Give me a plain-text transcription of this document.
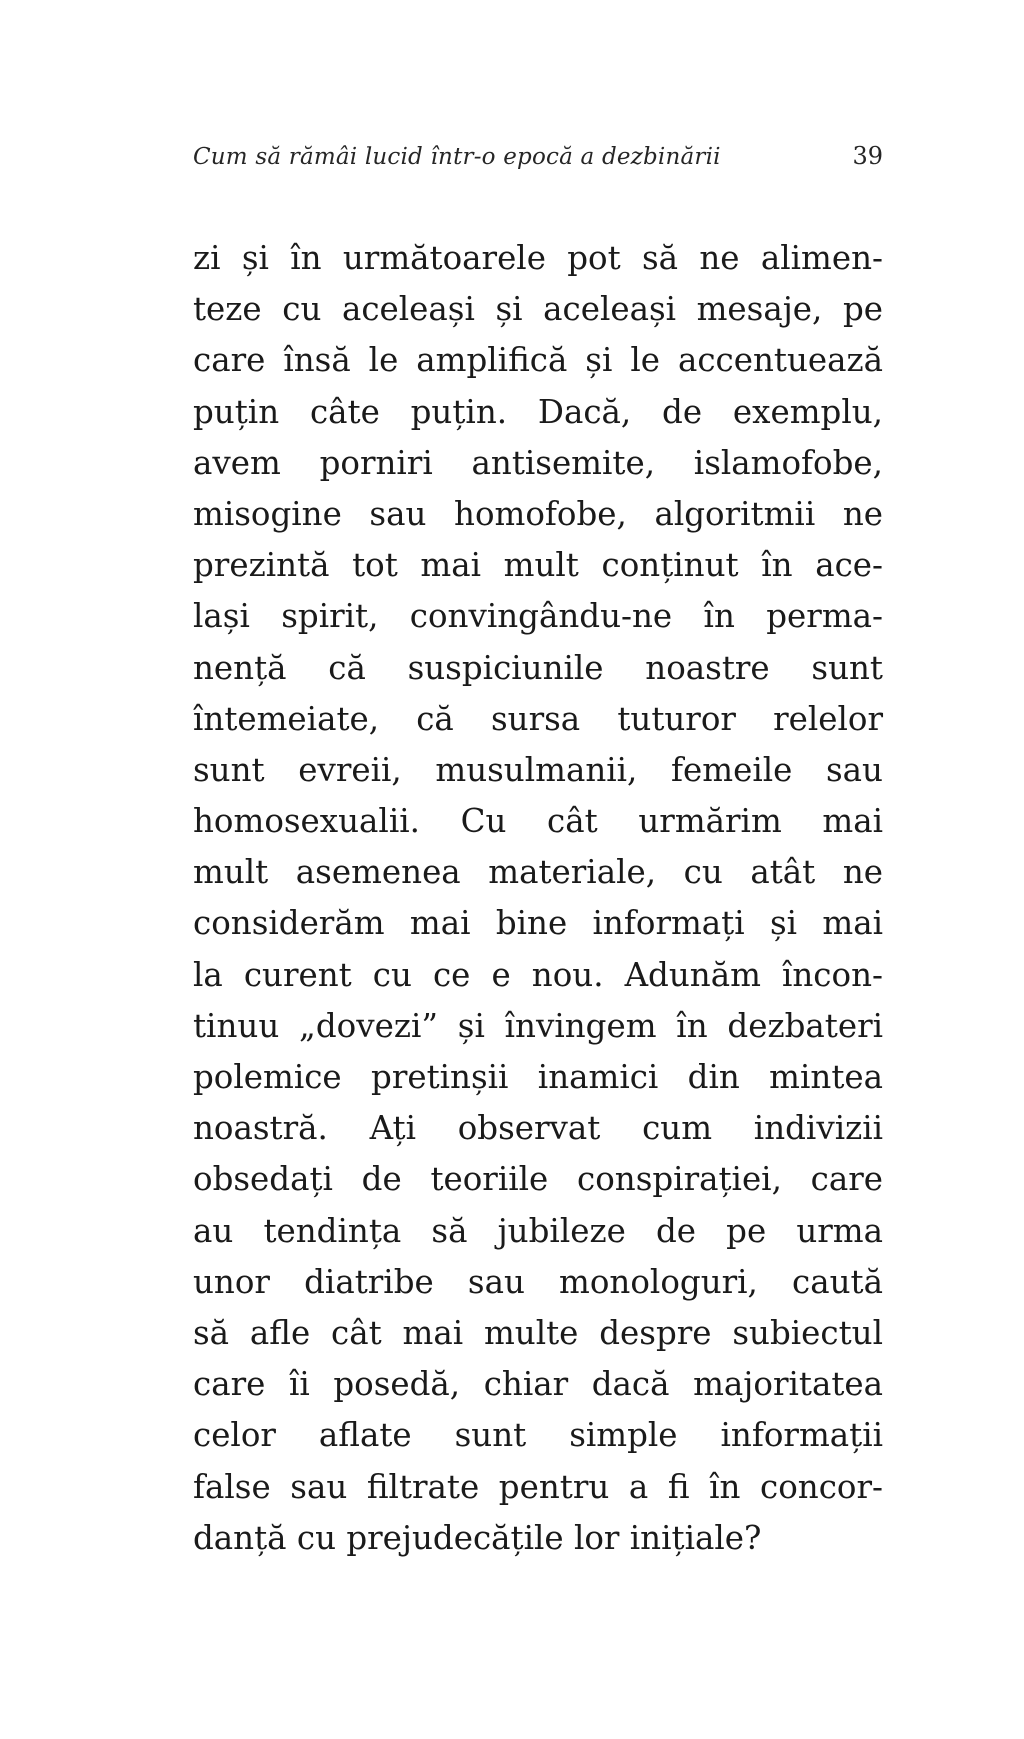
Cum să rămâi lucid într-o epocă a dezbinării	39
zi și în următoarele pot să ne alimen-
teze cu aceleași și aceleași mesaje, pe
care însă le amplifică și le accentuează
puțin câte puțin. Dacă, de exemplu,
avem porniri antisemite, islamofobe,
misogine sau homofobe, algoritmii ne
prezintă tot mai mult conținut în ace-
lași spirit, convingându-ne în perma-
nență că suspiciunile noastre sunt
întemeiate, că sursa tuturor relelor
sunt evreii, musulmanii, femeile sau
homosexualii. Cu cât urmărim mai
mult asemenea materiale, cu atât ne
considerăm mai bine informați și mai
la curent cu ce e nou. Adunăm încon-
tinuu „dovezi” și învingem în dezbateri
polemice pretinșii inamici din mintea
noastră. Ați observat cum indivizii
obsedați de teoriile conspirației, care
au tendința să jubileze de pe urma
unor diatribe sau monologuri, caută
să afle cât mai multe despre subiectul
care îi posedă, chiar dacă majoritatea
celor aflate sunt simple informații
false sau filtrate pentru a fi în concor-
danță cu prejudecățile lor inițiale?
